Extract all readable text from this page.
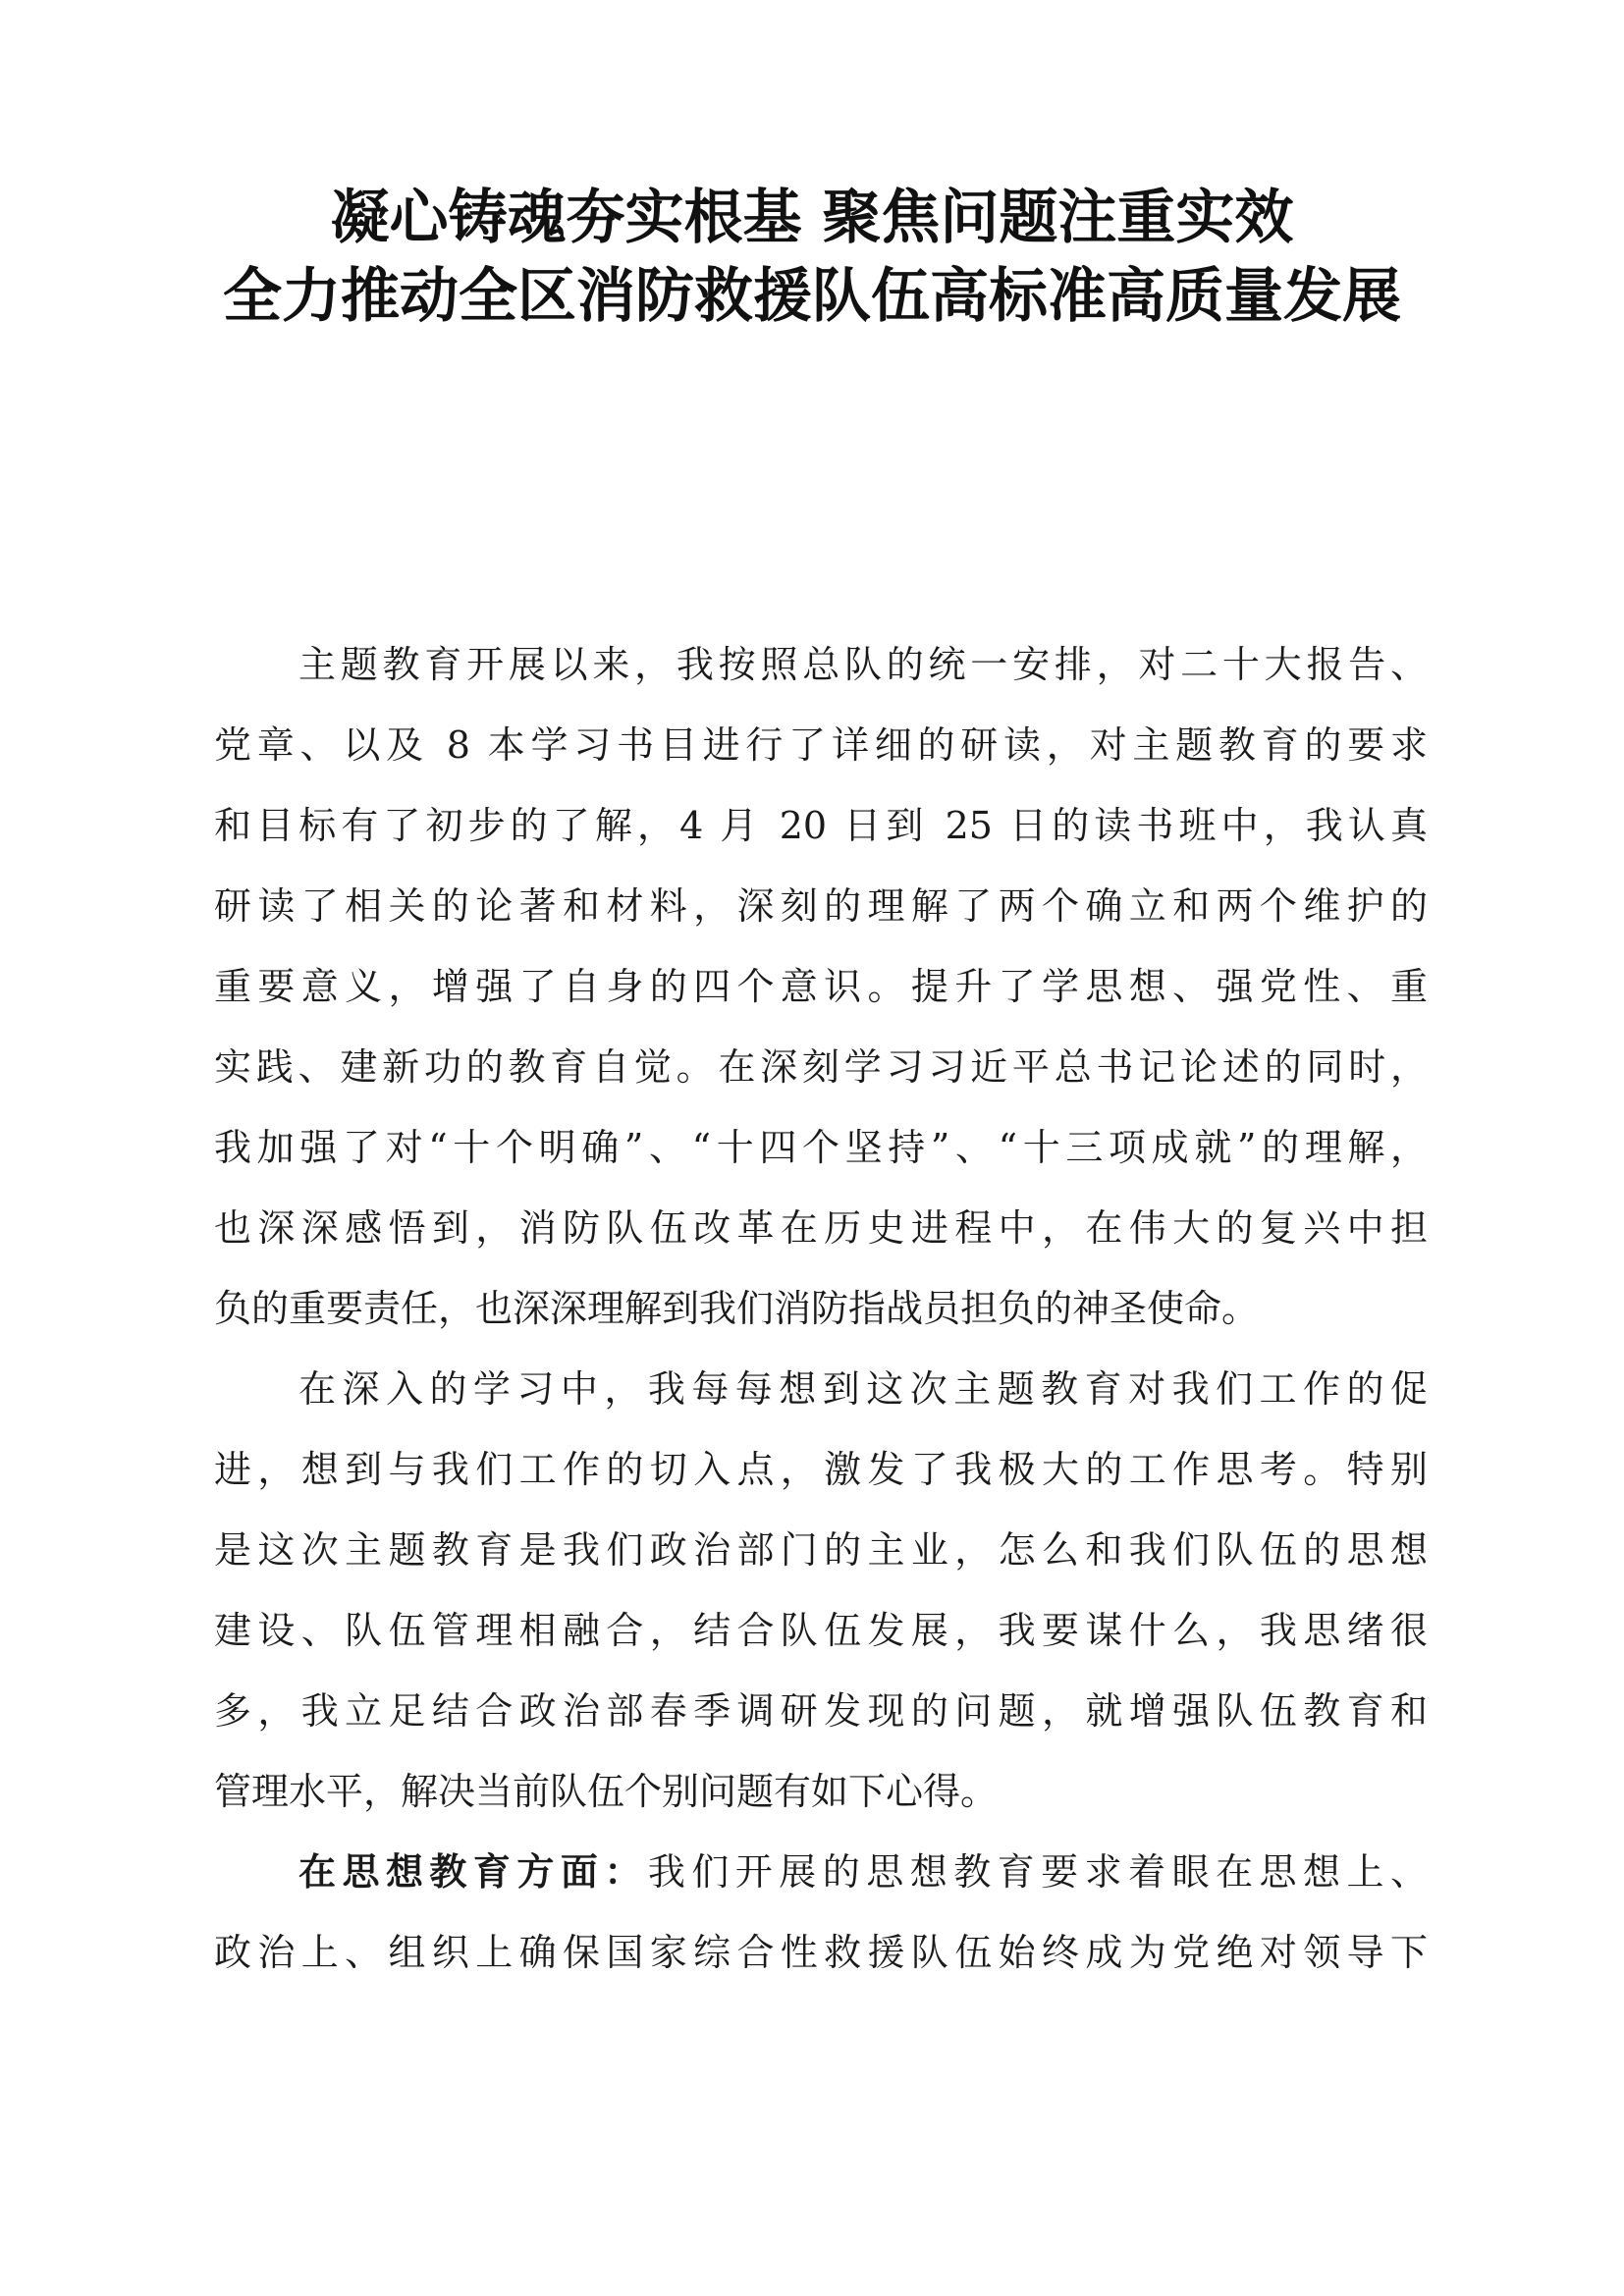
凝心铸魂夯实根基 聚焦问题注重实效
全力推动全区消防救援队伍高标准高质量发展
主题教育开展以来，我按照总队的统一安排，对二十大报告、
党章、以及 8 本学习书目进行了详细的研读，对主题教育的要求
和目标有了初步的了解，4 月 20 日到 25 日的读书班中，我认真
研读了相关的论著和材料，深刻的理解了两个确立和两个维护的
重要意义，增强了自身的四个意识。提升了学思想、强党性、重
实践、建新功的教育自觉。在深刻学习习近平总书记论述的同时，
我加强了对“十个明确”、“十四个坚持”、“十三项成就”的理解，
也深深感悟到，消防队伍改革在历史进程中，在伟大的复兴中担
负的重要责任，也深深理解到我们消防指战员担负的神圣使命。
在深入的学习中，我每每想到这次主题教育对我们工作的促
进，想到与我们工作的切入点，激发了我极大的工作思考。特别
是这次主题教育是我们政治部门的主业，怎么和我们队伍的思想
建设、队伍管理相融合，结合队伍发展，我要谋什么，我思绪很
多，我立足结合政治部春季调研发现的问题，就增强队伍教育和
管理水平，解决当前队伍个别问题有如下心得。
在思想教育方面：我们开展的思想教育要求着眼在思想上、
政治上、组织上确保国家综合性救援队伍始终成为党绝对领导下
